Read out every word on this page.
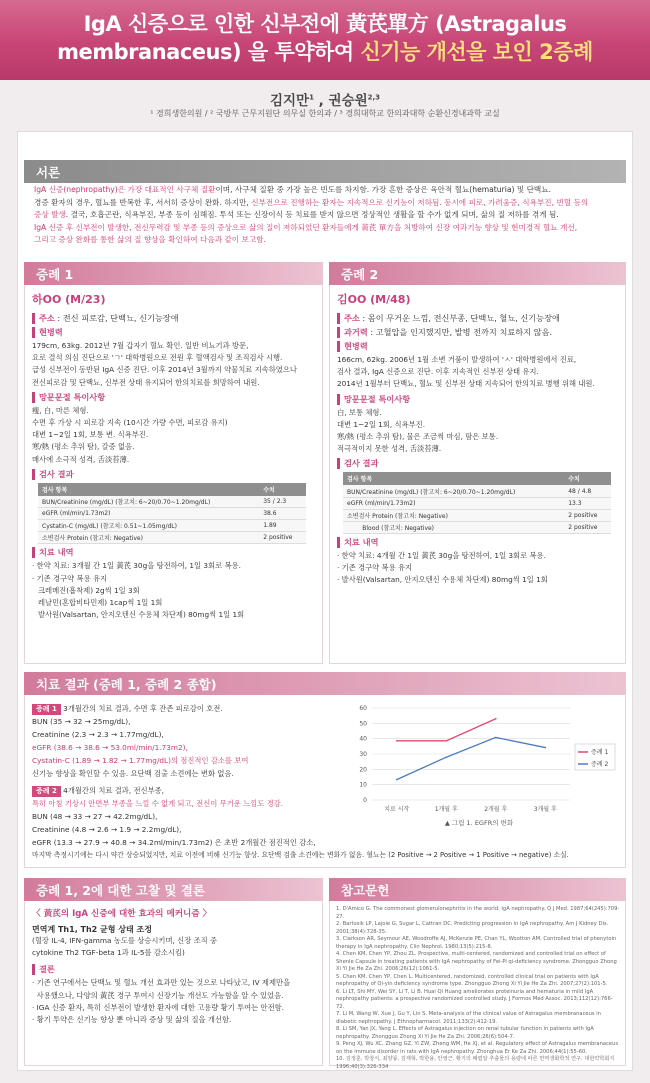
IgA 신증으로 인한 신부전에 黃芪單方 (Astragalus
membranaceus) 을 투약하여 신기능 개선을 보인 2증례
김지만$^1$ , 권승원$^{2,3}$
¹ 경희생한의원 / ² 국방부 근무지원단 의무실 한의과 / ³ 경희대학교 한의과대학 순환신경내과학 교실
서론
IgA 신증(nephropathy)은 가장 대표적인 사구체 질환이며, 사구체 질환 중 가장 높은 빈도를 차지함. 가장 흔한 증상은 육안적 혈뇨(hematuria) 및 단백뇨.
경증 환자의 경우, 혈뇨를 반복한 후, 서서히 증상이 완화. 하지만, 신부전으로 진행하는 환자는 지속적으로 신기능이 저하됨. 동시에 피로, 가려움증, 식욕부진, 빈혈 등의
증상 발생. 결국, 호흡곤란, 식욕부진, 부종 등이 심해짐. 투석 또는 신장이식 등 치료를 받지 않으면 정상적인 생활을 할 수가 없게 되며, 삶의 질 저하를 겪게 됨.
IgA 신증 후 신부전이 발생한, 전신무력감 및 부종 등의 증상으로 삶의 질이 저하되었던 환자들에게 黃芪 單方을 처방하여 신장 여과기능 향상 및 현미경적 혈뇨 개선,
그리고 증상 완화를 통한 삶의 질 향상을 확인하여 다음과 같이 보고함.
증례 1
하OO (M/23)
주소 : 전신 피로감, 단백뇨, 신기능장애
현병력
179cm, 63kg. 2012년 7월 갑자기 혈뇨 확인. 일반 비뇨기과 방문,
요로 결석 의심 진단으로 'ㄱ' 대학병원으로 전원 후 혈액검사 및 조직검사 시행.
급성 신부전이 동반된 IgA 신증 진단. 이후 2014년 3월까지 약물치료 지속하였으나
전신피로감 및 단백뇨, 신부전 상태 유지되어 한의치료를 희망하여 내원.
망문문절 특이사항
瘦, 白, 마른 체형.
수면 후 가상 시 피로감 지속 (10시간 가량 수면, 피로감 유지)
대변 1~2일 1회, 보통 변. 식욕부진.
寒/熱 (평소 추위 탐), 갈증 없음.
매사에 소극적 성격, 舌淡苔薄.
검사 결과
검사 항목	수치
BUN/Creatinine (mg/dL) (참고치: 6~20/0.70~1.20mg/dL)	35 / 2.3
eGFR (ml/min/1.73m2)	38.6
Cystatin-C (mg/dL) (참고치: 0.51~1.05mg/dL)	1.89
소변검사 Protein (참고치: Negative)	2 positive
치료 내역
· 한약 치료: 3개월 간 1일 黃芪 30g을 탕전하여, 1일 3회로 복용.
· 기존 경구약 복용 유지
크레메진(흡착제) 2g씩 1일 3회
레날민(혼합비타민제) 1cap씩 1일 1회
발사원(Valsartan, 안지오텐신 수용체 차단제) 80mg씩 1일 1회
증례 2
김OO (M/48)
주소 : 몸이 무거운 느낌, 전신부종, 단백뇨, 혈뇨, 신기능장애
과거력 : 고혈압을 인지했지만, 발병 전까지 치료하지 않음.
현병력
166cm, 62kg. 2006년 1월 소변 거품이 발생하여 'ㅅ' 대학병원에서 진료,
검사 결과, IgA 신증으로 진단. 이후 지속적인 신부전 상태 유지.
2014년 1월부터 단백뇨, 혈뇨 및 신부전 상태 지속되어 한의치료 병행 위해 내원.
망문문절 특이사항
白, 보통 체형.
대변 1~2일 1회, 식욕부진.
寒/熱 (평소 추위 탐), 물은 조금씩 마심, 땀은 보통.
적극적이지 못한 성격, 舌淡苔薄.
검사 결과
검사 항목	수치
BUN/Creatinine (mg/dL) (참고치: 6~20/0.70~1.20mg/dL)	48 / 4.8
eGFR (ml/min/1.73m2)	13.3
소변검사 Protein (참고치: Negative)	2 positive
Blood (참고치: Negative)	2 positive
치료 내역
· 한약 치료: 4개월 간 1일 黃芪 30g을 탕전하여, 1일 3회로 복용.
· 기존 경구약 복용 유지
· 발사원(Valsartan, 안지오텐신 수용체 차단제) 80mg씩 1일 1회
치료 결과 (증례 1, 증례 2 종합)
증례 1 3개월간의 치료 결과, 수면 후 잔존 피로감이 호전.
BUN (35 → 32 → 25mg/dL),
Creatinine (2.3 → 2.3 → 1.77mg/dL),
eGFR (38.6 → 38.6 → 53.0ml/min/1.73m2),
Cystatin-C (1.89 → 1.82 → 1.77mg/dL)의 점진적인 감소를 보여
신기능 향상을 확인할 수 있음. 요단백 검출 소견에는 변화 없음.
증례 2 4개월간의 치료 결과, 전신부종,
특히 아침 기상시 안면부 부종을 느낄 수 없게 되고, 전신이 무거운 느낌도 경감.
BUN (48 → 33 → 27 → 42.2mg/dL),
Creatinine (4.8 → 2.6 → 1.9 → 2.2mg/dL),
eGFR (13.3 → 27.9 → 40.8 → 34.2ml/min/1.73m2) 은 초반 2개월간 점진적인 감소,
마지막 측정시기에는 다시 약간 상승되었지만, 치료 이전에 비해 신기능 향상. 요단백 검출 소견에는 변화가 없음. 혈뇨는 (2 Positive → 2 Positive → 1 Positive → negative) 소실.
0
10
20
30
40
50
60
치료 시작	1개월 후	2개월 후	3개월 후
증례 1
증례 2
▲ 그림 1. EGFR의 변화
증례 1, 2에 대한 고찰 및 결론
〈 黃芪의 IgA 신증에 대한 효과의 메커니즘 〉
면역계 Th1, Th2 균형 상태 조정
(혈장 IL-4, IFN-gamma 농도를 상승시키며, 신장 조직 중
cytokine Th2 TGF-beta 1과 IL-5를 감소시킴)
결론
· 기존 연구에서는 단백뇨 및 혈뇨 개선 효과만 있는 것으로 나타났고, IV 제제만을
사용했으나, 다양의 黃芪 경구 투여시 신장기능 개선도 가능함을 알 수 있었음.
· IGA 신증 환자, 특히 신부전이 발생한 환자에 대한 고용량 황기 투여는 안전함.
· 황기 투약은 신기능 향상 뿐 아니라 증상 및 삶의 질을 개선함.
참고문헌
1. D'Amico G. The commonest glomerulonephritis in the world: IgA nephropathy. Q J Med. 1987;64(245):709-27.
2. Bartosik LP, Lajoie G, Sugar L, Cattran DC. Predicting progression in IgA nephropathy. Am J Kidney Dis. 2001;38(4):728-35.
3. Clarkson AR, Seymour AE, Woodroffe AJ, McKenzie PE, Chan YL, Wootton AM. Controlled trial of phenytoin therapy in IgA nephropathy. Clin Nephrol. 1980;13(5):215-8.
4. Chen KM, Chen YP, Zhou ZL. Prospective, multi-centered, randomized and controlled trial on effect of Shenle Capsule in treating patients with IgA nephropathy of Fei-Pi qi-deficiency syndrome. Zhongguo Zhong Xi Yi Jie He Za Zhi. 2006;26(12):1061-5.
5. Chen KM, Chen YP, Chen L. Multicentered, randomized, controlled clinical trial on patients with IgA nephropathy of Qi-yin deficiency syndrome type. Zhongguo Zhong Xi Yi Jie He Za Zhi. 2007;27(2):101-5.
6. Li LT, Shi MY, Wei SY, Li T, Li B. Huai Qi Huang ameliorates proteinuria and hematuria in mild IgA nephropathy patients: a prospective randomized controlled study. J Formos Med Assoc. 2013;112(12):766-72.
7. Li M, Wang W, Xue J, Gu Y, Lin S. Meta-analysis of the clinical value of Astragalus membranaceus in diabetic nephropathy. J Ethnopharmacol. 2011;133(2):412-19.
8. Li SM, Yan JX, Yang L. Effects of Astragalus injection on renal tubular function in patients with IgA nephropathy. Zhongguo Zhong Xi Yi Jie He Za Zhi. 2006;26(6):504-7.
9. Peng XJ, Wu XC, Zhang GZ, Yi ZW, Zheng WM, He XJ, et al. Regulatory effect of Astragalus membranaceus on the immune disorder in rats with IgA nephropathy. Zhonghua Er Ke Za Zhi. 2006;44(1):55-60.
10. 김정훈, 박창식, 최양륭, 김재혁, 박한용, 안영근. 황기의 폐렴알 추출물의 용량에 따른 면역생화학적 연구. 대한약학회지 1996;40(3):326-334
